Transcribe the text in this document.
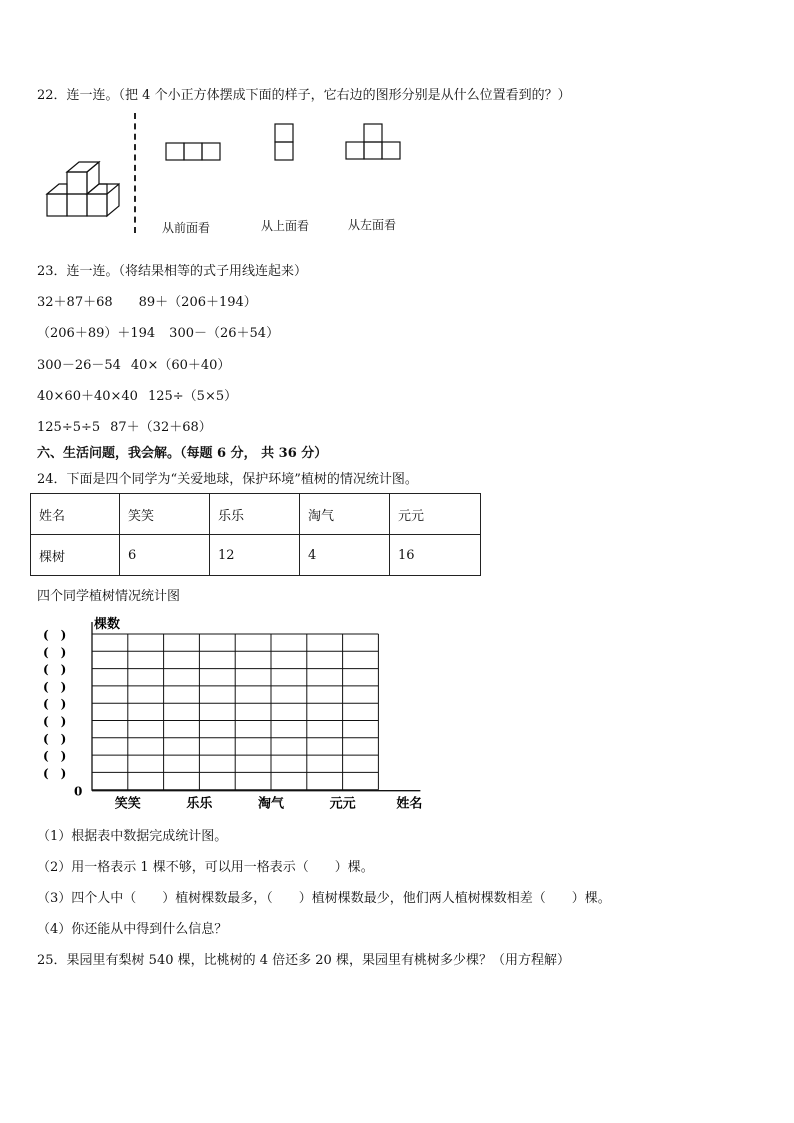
22．连一连。（把 4 个小正方体摆成下面的样子，它右边的图形分别是从什么位置看到的？）
从前面看	从上面看	从左面看
23．连一连。（将结果相等的式子用线连起来）
32＋87＋68 89＋（206＋194）
（206＋89）＋194 300－（26＋54）
300－26－54 40×（60＋40）
40×60＋40×40 125÷（5×5）
125÷5÷5 87＋（32＋68）
六、生活问题，我会解。（每题 6 分， 共 36 分）
24．下面是四个同学为“关爱地球，保护环境”植树的情况统计图。
姓名	笑笑	乐乐	淘气	元元
棵树	6	12	4	16
四个同学植树情况统计图
棵数
(　)
(　)
(　)
(　)
(　)
(　)
(　)
(　)
(　)
0
笑笑	乐乐	淘气	元元	姓名
（1）根据表中数据完成统计图。
（2）用一格表示 1 棵不够，可以用一格表示（　　）棵。
（3）四个人中（　　）植树棵数最多，（　　）植树棵数最少，他们两人植树棵数相差（　　）棵。
（4）你还能从中得到什么信息？
25．果园里有梨树 540 棵，比桃树的 4 倍还多 20 棵，果园里有桃树多少棵？（用方程解）
